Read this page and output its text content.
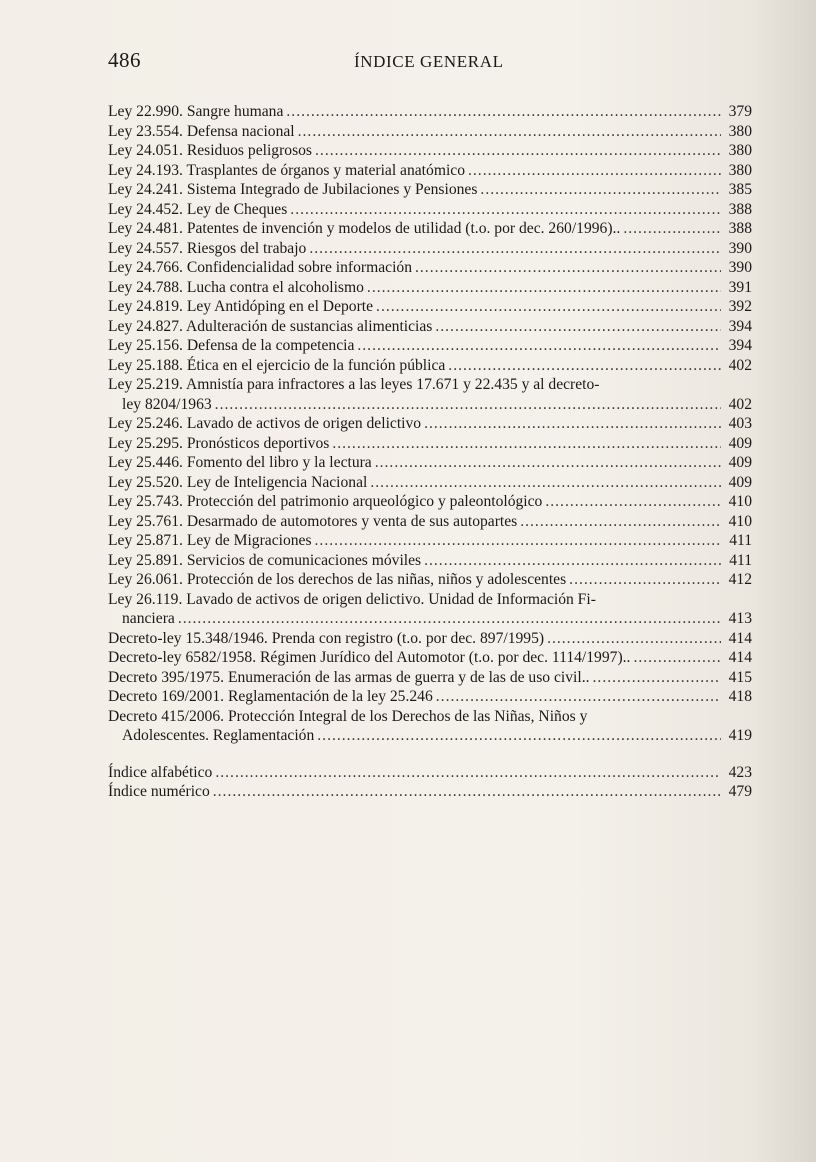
486	ÍNDICE GENERAL
Ley 22.990. Sangre humana .....	379
Ley 23.554. Defensa nacional .....	380
Ley 24.051. Residuos peligrosos .....	380
Ley 24.193. Trasplantes de órganos y material anatómico .....	380
Ley 24.241. Sistema Integrado de Jubilaciones y Pensiones .....	385
Ley 24.452. Ley de Cheques .....	388
Ley 24.481. Patentes de invención y modelos de utilidad (t.o. por dec. 260/1996).. .....	388
Ley 24.557. Riesgos del trabajo .....	390
Ley 24.766. Confidencialidad sobre información .....	390
Ley 24.788. Lucha contra el alcoholismo .....	391
Ley 24.819. Ley Antidóping en el Deporte .....	392
Ley 24.827. Adulteración de sustancias alimenticias .....	394
Ley 25.156. Defensa de la competencia .....	394
Ley 25.188. Ética en el ejercicio de la función pública .....	402
Ley 25.219. Amnistía para infractores a las leyes 17.671 y 22.435 y al decreto-
ley 8204/1963 .....	402
Ley 25.246. Lavado de activos de origen delictivo .....	403
Ley 25.295. Pronósticos deportivos .....	409
Ley 25.446. Fomento del libro y la lectura .....	409
Ley 25.520. Ley de Inteligencia Nacional .....	409
Ley 25.743. Protección del patrimonio arqueológico y paleontológico .....	410
Ley 25.761. Desarmado de automotores y venta de sus autopartes .....	410
Ley 25.871. Ley de Migraciones .....	411
Ley 25.891. Servicios de comunicaciones móviles .....	411
Ley 26.061. Protección de los derechos de las niñas, niños y adolescentes .....	412
Ley 26.119. Lavado de activos de origen delictivo. Unidad de Información Fi-
nanciera .....	413
Decreto-ley 15.348/1946. Prenda con registro (t.o. por dec. 897/1995) .....	414
Decreto-ley 6582/1958. Régimen Jurídico del Automotor (t.o. por dec. 1114/1997).. .....	414
Decreto 395/1975. Enumeración de las armas de guerra y de las de uso civil.. .....	415
Decreto 169/2001. Reglamentación de la ley 25.246 .....	418
Decreto 415/2006. Protección Integral de los Derechos de las Niñas, Niños y
Adolescentes. Reglamentación .....	419
Índice alfabético .....	423
Índice numérico .....	479
